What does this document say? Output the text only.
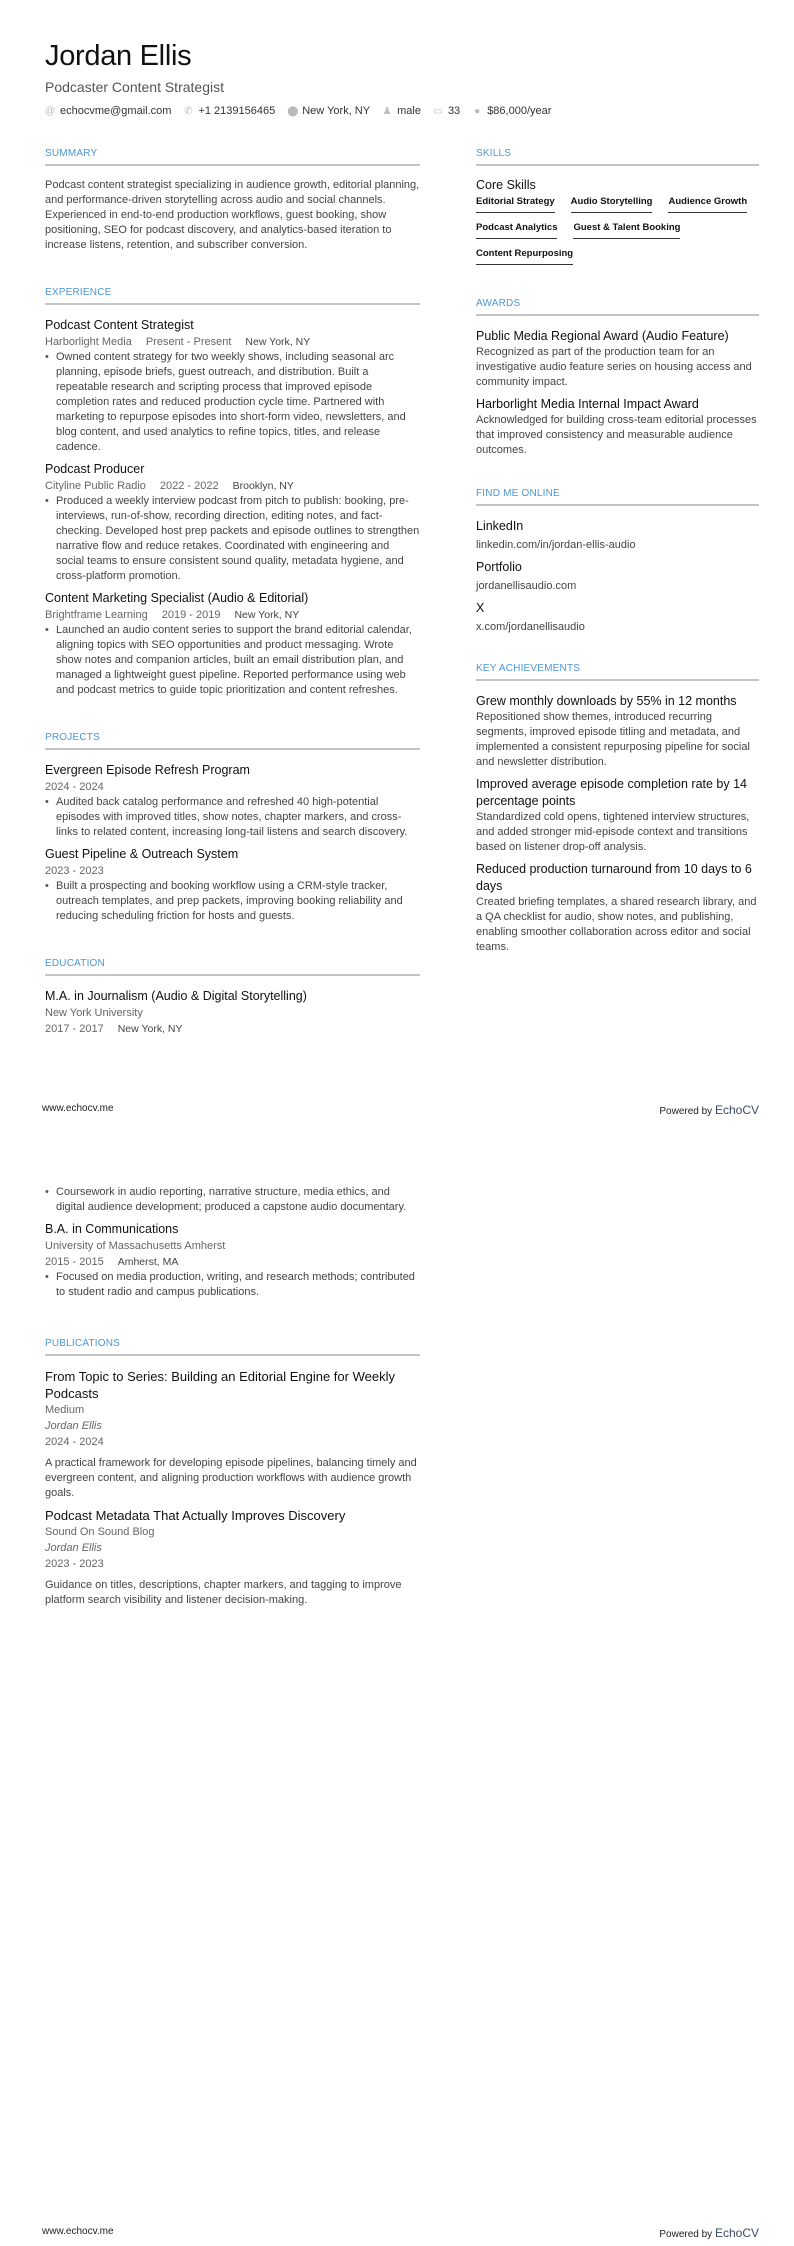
Jordan Ellis
Podcaster Content Strategist
@ echocvme@gmail.com ✆ +1 2139156465 ⬤ New York, NY ♟ male ▭ 33 ● $86,000/year
SUMMARY

Podcast content strategist specializing in audience growth, editorial planning, and performance-driven storytelling across audio and social channels.

Experienced in end-to-end production workflows, guest booking, show positioning, SEO for podcast discovery, and analytics-based iteration to increase listens, retention, and subscriber conversion.

EXPERIENCE
Podcast Content Strategist
Harborlight Media Present - Present New York, NY
• Owned content strategy for two weekly shows, including seasonal arc planning, episode briefs, guest outreach, and distribution. Built a repeatable research and scripting process that improved episode completion rates and reduced production cycle time. Partnered with marketing to repurpose episodes into short-form video, newsletters, and blog content, and used analytics to refine topics, titles, and release cadence.
Podcast Producer
Cityline Public Radio 2022 - 2022 Brooklyn, NY
• Produced a weekly interview podcast from pitch to publish: booking, pre-interviews, run-of-show, recording direction, editing notes, and fact-checking. Developed host prep packets and episode outlines to strengthen narrative flow and reduce retakes. Coordinated with engineering and social teams to ensure consistent sound quality, metadata hygiene, and cross-platform promotion.
Content Marketing Specialist (Audio & Editorial)
Brightframe Learning 2019 - 2019 New York, NY
• Launched an audio content series to support the brand editorial calendar, aligning topics with SEO opportunities and product messaging. Wrote show notes and companion articles, built an email distribution plan, and managed a lightweight guest pipeline. Reported performance using web and podcast metrics to guide topic prioritization and content refreshes.
PROJECTS
Evergreen Episode Refresh Program
2024 - 2024
• Audited back catalog performance and refreshed 40 high-potential episodes with improved titles, show notes, chapter markers, and cross-links to related content, increasing long-tail listens and search discovery.
Guest Pipeline & Outreach System
2023 - 2023
• Built a prospecting and booking workflow using a CRM-style tracker, outreach templates, and prep packets, improving booking reliability and reducing scheduling friction for hosts and guests.
EDUCATION
M.A. in Journalism (Audio & Digital Storytelling)
New York University
2017 - 2017 New York, NY
SKILLS
Core Skills
Editorial Strategy Audio Storytelling Audience Growth
Podcast Analytics Guest & Talent Booking
Content Repurposing
AWARDS
Public Media Regional Award (Audio Feature)

Recognized as part of the production team for an investigative audio feature series on housing access and community impact.

Harborlight Media Internal Impact Award

Acknowledged for building cross-team editorial processes that improved consistency and measurable audience outcomes.

FIND ME ONLINE
LinkedIn
linkedin.com/in/jordan-ellis-audio
Portfolio
jordanellisaudio.com
X
x.com/jordanellisaudio
KEY ACHIEVEMENTS
Grew monthly downloads by 55% in 12 months

Repositioned show themes, introduced recurring segments, improved episode titling and metadata, and implemented a consistent repurposing pipeline for social and newsletter distribution.

Improved average episode completion rate by 14 percentage points

Standardized cold opens, tightened interview structures, and added stronger mid-episode context and transitions based on listener drop-off analysis.

Reduced production turnaround from 10 days to 6 days

Created briefing templates, a shared research library, and a QA checklist for audio, show notes, and publishing, enabling smoother collaboration across editor and social teams.

www.echocv.me	Powered by EchoCV
• Coursework in audio reporting, narrative structure, media ethics, and digital audience development; produced a capstone audio documentary.
B.A. in Communications
University of Massachusetts Amherst
2015 - 2015 Amherst, MA
• Focused on media production, writing, and research methods; contributed to student radio and campus publications.
PUBLICATIONS
From Topic to Series: Building an Editorial Engine for Weekly Podcasts
Medium
Jordan Ellis
2024 - 2024

A practical framework for developing episode pipelines, balancing timely and evergreen content, and aligning production workflows with audience growth goals.

Podcast Metadata That Actually Improves Discovery
Sound On Sound Blog
Jordan Ellis
2023 - 2023

Guidance on titles, descriptions, chapter markers, and tagging to improve platform search visibility and listener decision-making.

www.echocv.me	Powered by EchoCV
